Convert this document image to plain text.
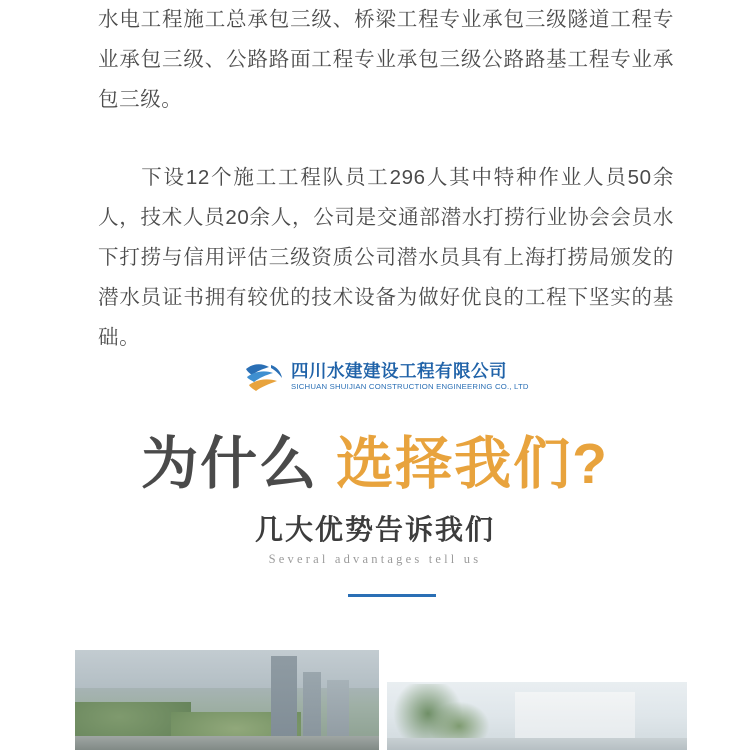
水电工程施工总承包三级、桥梁工程专业承包三级隧道工程专业承包三级、公路路面工程专业承包三级公路路基工程专业承包三级。
下设12个施工工程队员工296人其中特种作业人员50余人，技术人员20余人，公司是交通部潜水打捞行业协会会员水下打捞与信用评估三级资质公司潜水员具有上海打捞局颁发的潜水员证书拥有较优的技术设备为做好优良的工程下坚实的基础。
四川水建建设工程有限公司
SICHUAN SHUIJIAN CONSTRUCTION ENGINEERING CO., LTD
为什么 选择我们?
几大优势告诉我们
Several advantages tell us
